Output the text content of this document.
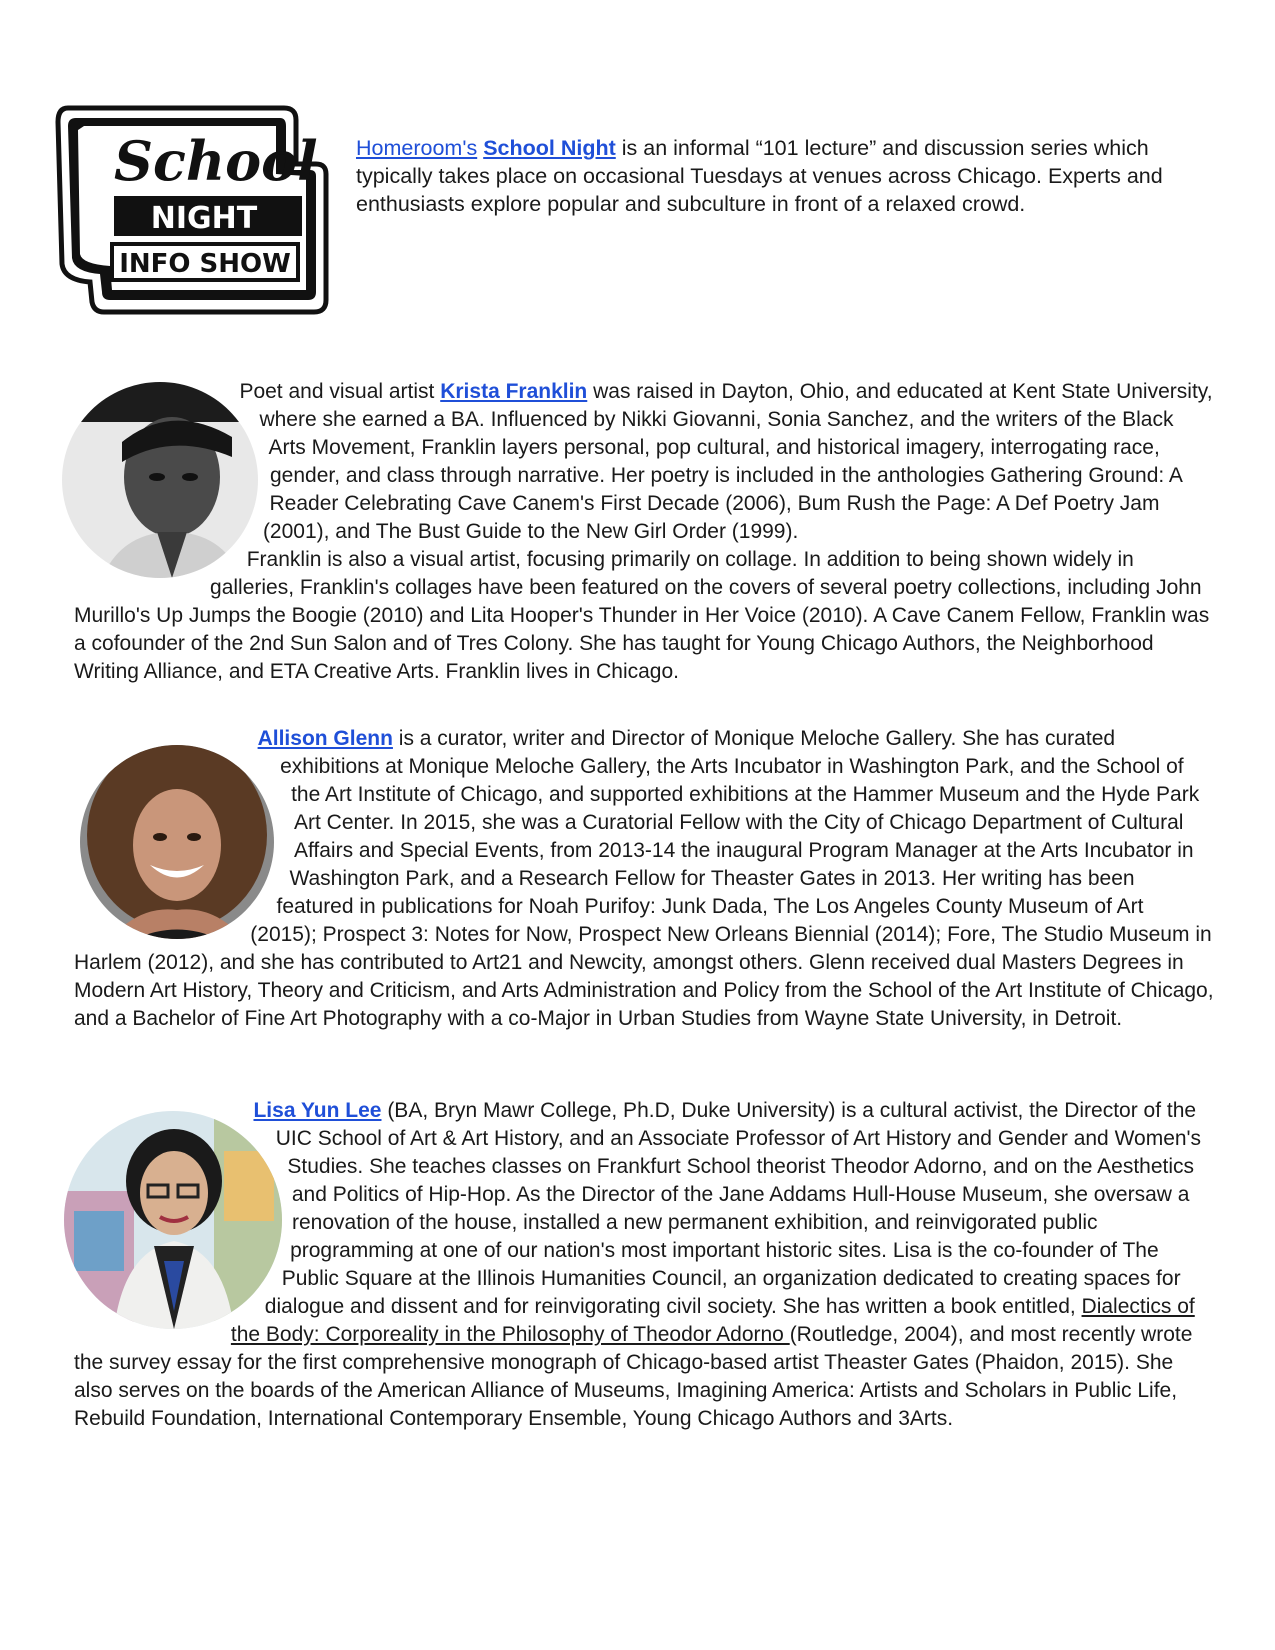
School
NIGHT
INFO SHOW
Homeroom's School Night is an informal “101 lecture” and discussion series which typically takes place on occasional Tuesdays at venues across Chicago. Experts and enthusiasts explore popular and subculture in front of a relaxed crowd.

Poet and visual artist Krista Franklin was raised in Dayton, Ohio, and educated at Kent State University, where she earned a BA. Influenced by Nikki Giovanni, Sonia Sanchez, and the writers of the Black Arts Movement, Franklin layers personal, pop cultural, and historical imagery, interrogating race, gender, and class through narrative. Her poetry is included in the anthologies Gathering Ground: A Reader Celebrating Cave Canem's First Decade (2006), Bum Rush the Page: A Def Poetry Jam (2001), and The Bust Guide to the New Girl Order (1999).

Franklin is also a visual artist, focusing primarily on collage. In addition to being shown widely in galleries, Franklin's collages have been featured on the covers of several poetry collections, including John Murillo's Up Jumps the Boogie (2010) and Lita Hooper's Thunder in Her Voice (2010). A Cave Canem Fellow, Franklin was a cofounder of the 2nd Sun Salon and of Tres Colony. She has taught for Young Chicago Authors, the Neighborhood Writing Alliance, and ETA Creative Arts. Franklin lives in Chicago.

Allison Glenn is a curator, writer and Director of Monique Meloche Gallery. She has curated exhibitions at Monique Meloche Gallery, the Arts Incubator in Washington Park, and the School of the Art Institute of Chicago, and supported exhibitions at the Hammer Museum and the Hyde Park Art Center. In 2015, she was a Curatorial Fellow with the City of Chicago Department of Cultural Affairs and Special Events, from 2013-14 the inaugural Program Manager at the Arts Incubator in Washington Park, and a Research Fellow for Theaster Gates in 2013. Her writing has been featured in publications for Noah Purifoy: Junk Dada, The Los Angeles County Museum of Art (2015); Prospect 3: Notes for Now, Prospect New Orleans Biennial (2014); Fore, The Studio Museum in Harlem (2012), and she has contributed to Art21 and Newcity, amongst others. Glenn received dual Masters Degrees in Modern Art History, Theory and Criticism, and Arts Administration and Policy from the School of the Art Institute of Chicago, and a Bachelor of Fine Art Photography with a co-Major in Urban Studies from Wayne State University, in Detroit.

Lisa Yun Lee (BA, Bryn Mawr College, Ph.D, Duke University) is a cultural activist, the Director of the UIC School of Art & Art History, and an Associate Professor of Art History and Gender and Women's Studies. She teaches classes on Frankfurt School theorist Theodor Adorno, and on the Aesthetics and Politics of Hip-Hop. As the Director of the Jane Addams Hull-House Museum, she oversaw a renovation of the house, installed a new permanent exhibition, and reinvigorated public programming at one of our nation's most important historic sites. Lisa is the co-founder of The Public Square at the Illinois Humanities Council, an organization dedicated to creating spaces for dialogue and dissent and for reinvigorating civil society. She has written a book entitled, Dialectics of the Body: Corporeality in the Philosophy of Theodor Adorno (Routledge, 2004), and most recently wrote the survey essay for the first comprehensive monograph of Chicago-based artist Theaster Gates (Phaidon, 2015). She also serves on the boards of the American Alliance of Museums, Imagining America: Artists and Scholars in Public Life, Rebuild Foundation, International Contemporary Ensemble, Young Chicago Authors and 3Arts.
